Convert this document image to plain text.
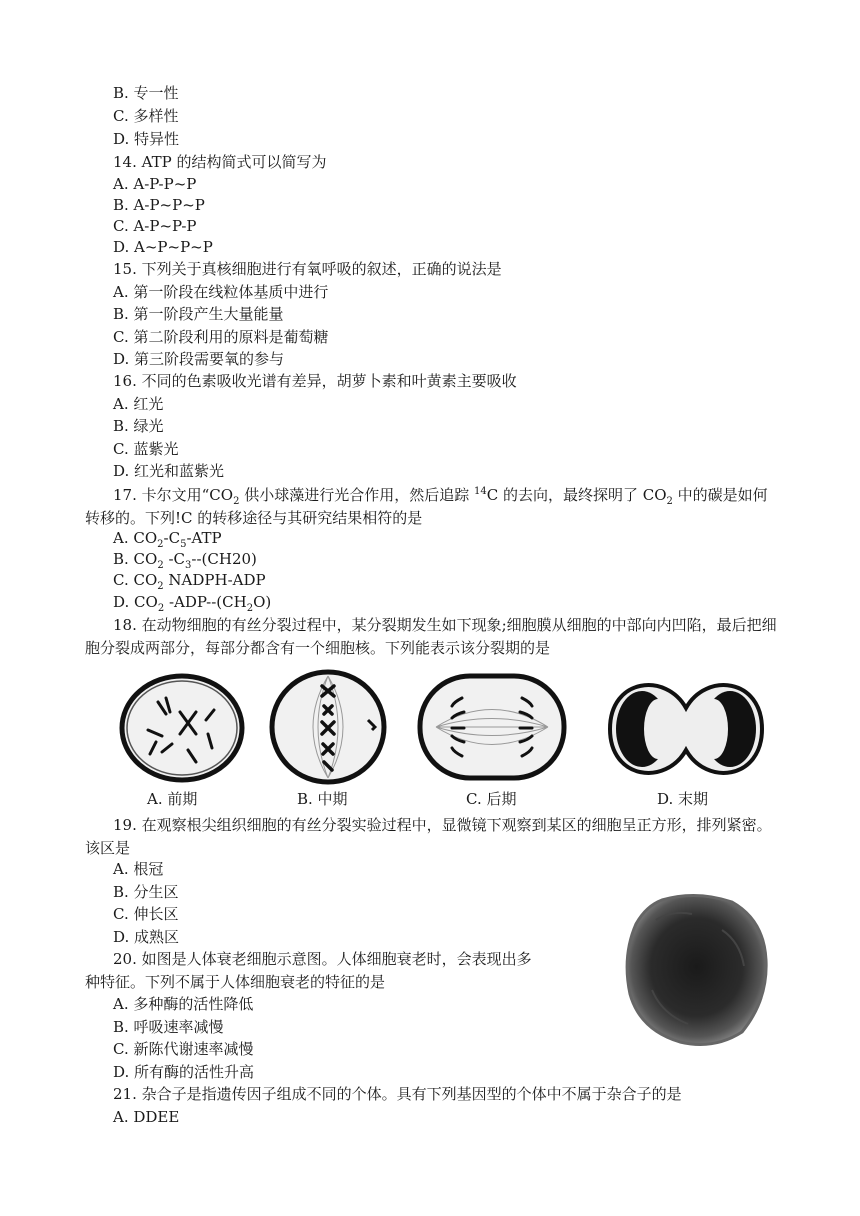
B. 专一性
C. 多样性
D. 特异性
14. ATP 的结构简式可以简写为
A. A-P-P~P
B. A-P~P~P
C. A-P~P-P
D. A~P~P~P
15. 下列关于真核细胞进行有氧呼吸的叙述，正确的说法是
A. 第一阶段在线粒体基质中进行
B. 第一阶段产生大量能量
C. 第二阶段利用的原料是葡萄糖
D. 第三阶段需要氧的参与
16. 不同的色素吸收光谱有差异，胡萝卜素和叶黄素主要吸收
A. 红光
B. 绿光
C. 蓝紫光
D. 红光和蓝紫光
17. 卡尔文用“$CO_2$ 供小球藻进行光合作用，然后追踪 $^{14}$C 的去向，最终探明了 $CO_2$ 中的碳是如何转移的。下列!C 的转移途径与其研究结果相符的是
A. $CO_2-C_5$-ATP
B. $CO_2$ $-C_3--(CH20)$
C. $CO_2$ NADPH-ADP
D. $CO_2$ $-ADP--(CH_2O)$
18. 在动物细胞的有丝分裂过程中，某分裂期发生如下现象;细胞膜从细胞的中部向内凹陷，最后把细胞分裂成两部分，每部分都含有一个细胞核。下列能表示该分裂期的是
A. 前期	B. 中期	C. 后期	D. 末期
19. 在观察根尖组织细胞的有丝分裂实验过程中，显微镜下观察到某区的细胞呈正方形，排列紧密。该区是
A. 根冠
B. 分生区
C. 伸长区
D. 成熟区
20. 如图是人体衰老细胞示意图。人体细胞衰老时，会表现出多
种特征。下列不属于人体细胞衰老的特征的是
A. 多种酶的活性降低
B. 呼吸速率减慢
C. 新陈代谢速率减慢
D. 所有酶的活性升高
21. 杂合子是指遗传因子组成不同的个体。具有下列基因型的个体中不属于杂合子的是
A. DDEE
